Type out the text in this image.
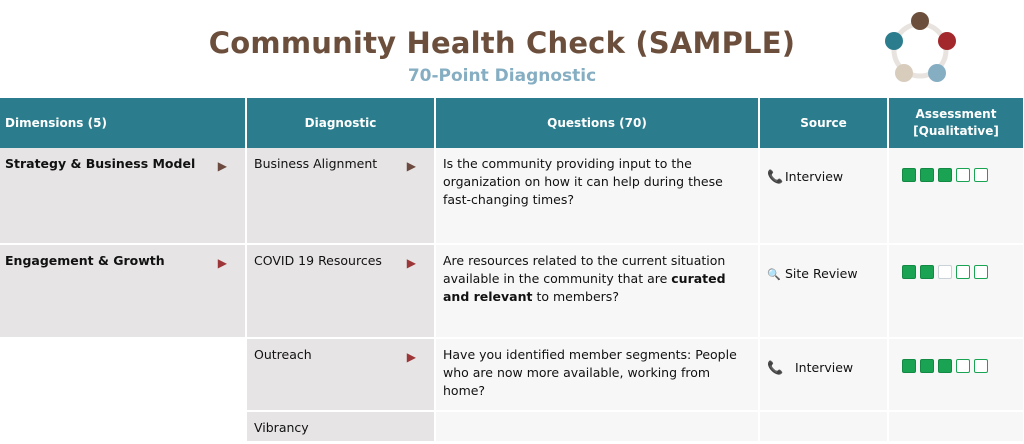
Community Health Check (SAMPLE)
70-Point Diagnostic
Dimensions (5)	Diagnostic	Questions (70)	Source	Assessment [Qualitative]
Strategy & Business Model ▶	Business Alignment ▶	Is the community providing input to the organization on how it can help during these fast-changing times?	📞 Interview	

Engagement & Growth ▶	COVID 19 Resources ▶	Are resources related to the current situation available in the community that are curated and relevant to members?	🔍 Site Review	

	Outreach ▶	Have you identified member segments: People who are now more available, working from home?	📞 Interview	

	Vibrancy			
